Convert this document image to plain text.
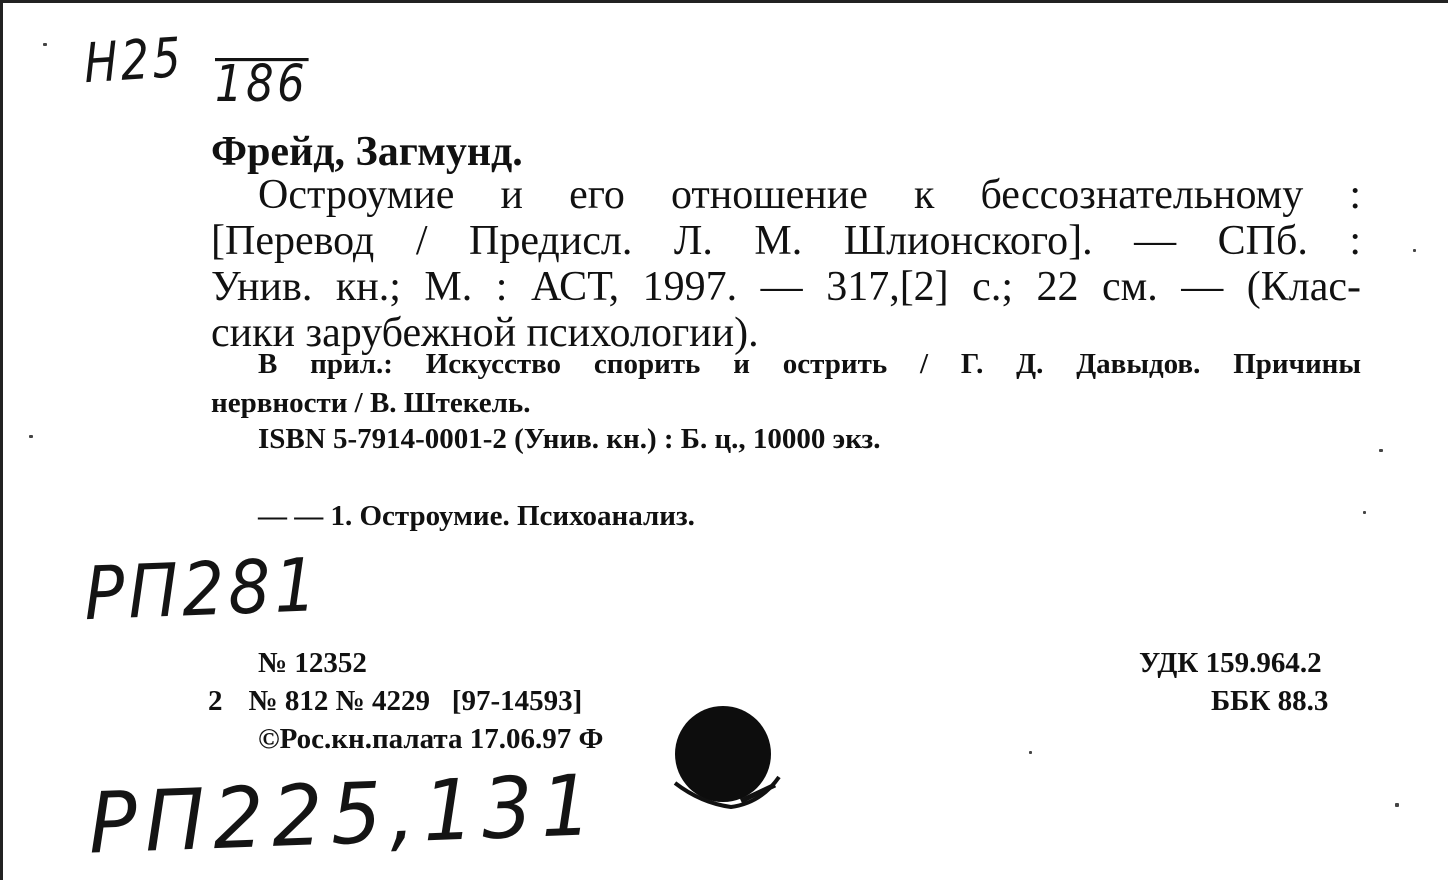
Н25 186
Фрейд, Загмунд.
Остроумие и его отношение к бессознательному :
[Перевод / Предисл. Л. М. Шлионского]. — СПб. :
Унив. кн.; М. : АСТ, 1997. — 317,[2] с.; 22 см. — (Клас-
сики зарубежной психологии).
В прил.: Искусство спорить и острить / Г. Д. Давыдов. Причины
нервности / В. Штекель.
ISBN 5-7914-0001-2 (Унив. кн.) : Б. ц., 10000 экз.
— — 1. Остроумие. Психоанализ.
РП281
№ 12352
2 № 812 № 4229 [97-14593]
©Рос.кн.палата 17.06.97 Ф
УДК 159.964.2
ББК 88.3
РП225,131
